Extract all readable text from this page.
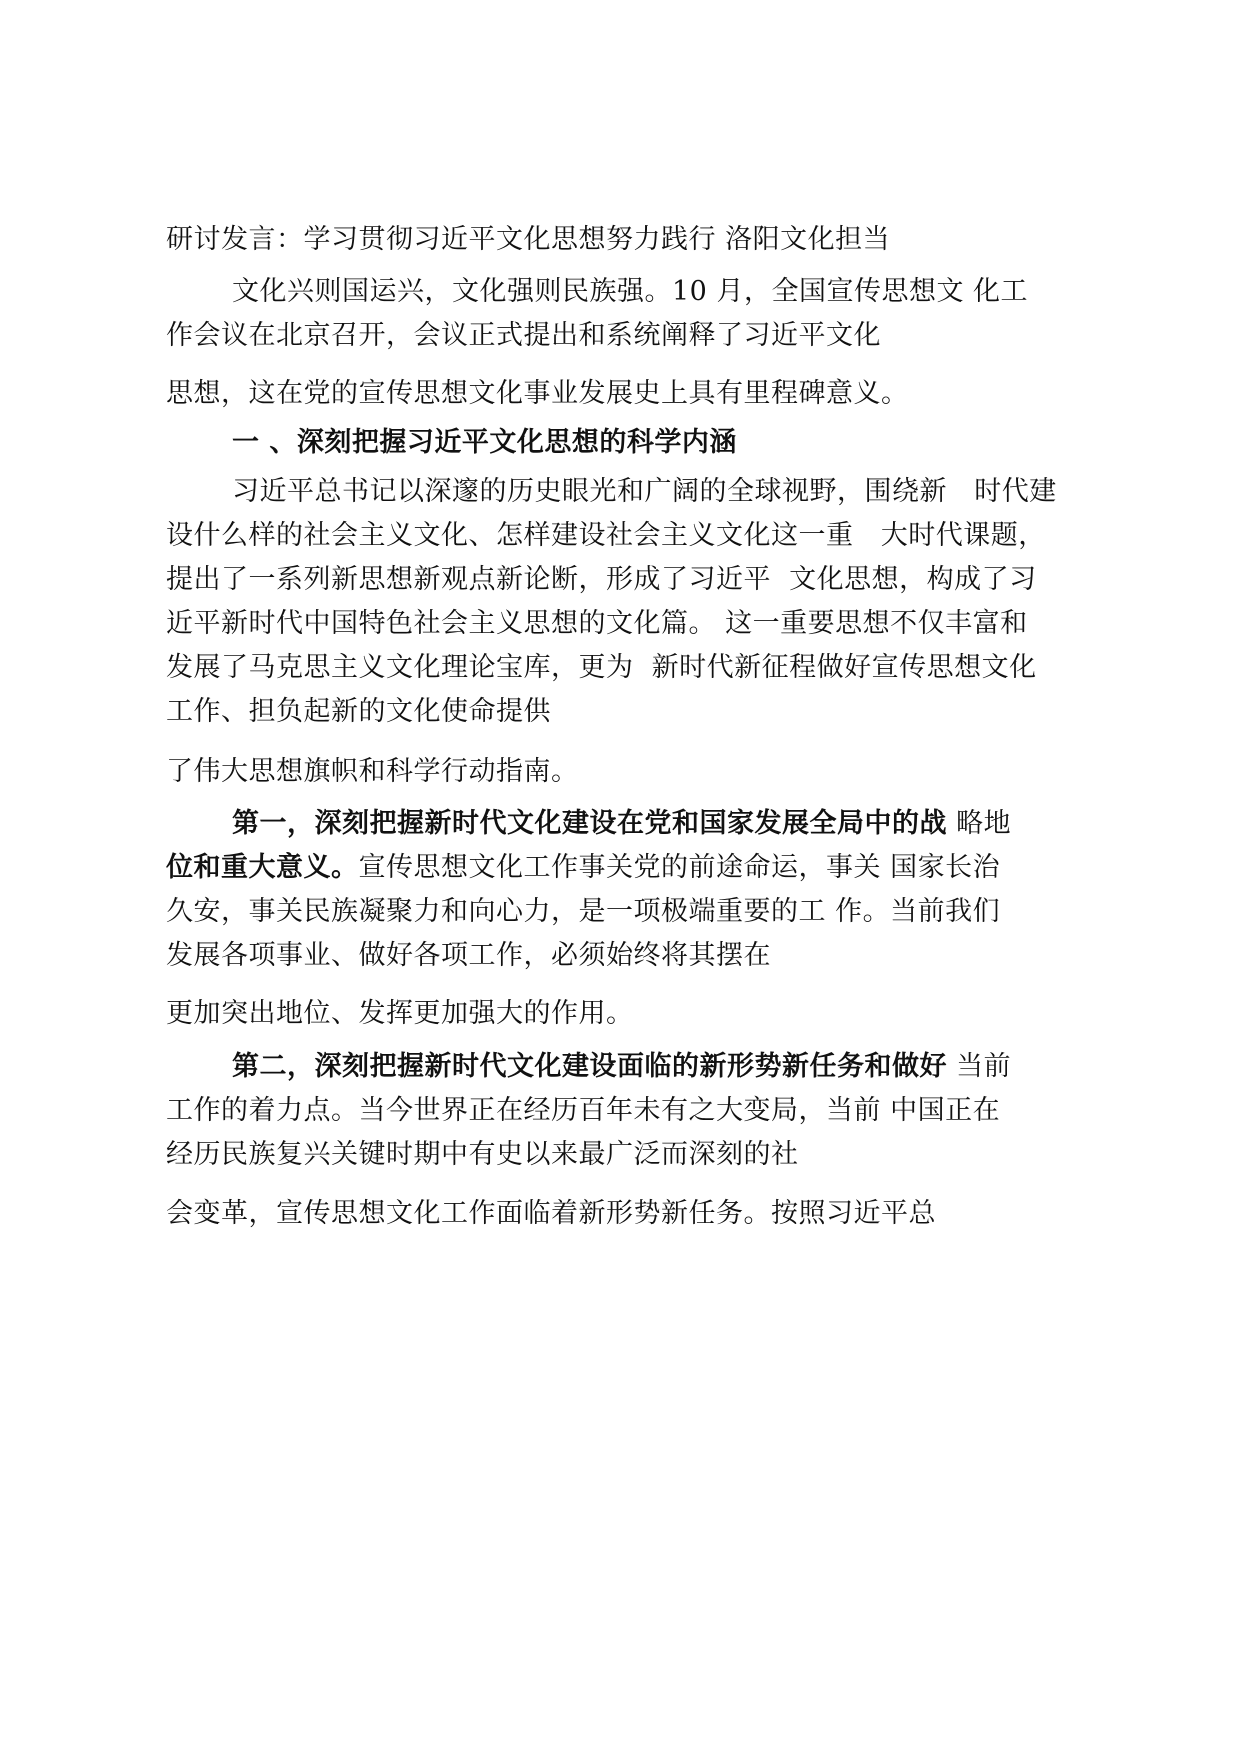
研讨发言：学习贯彻习近平文化思想努力践行 洛阳文化担当

文化兴则国运兴，文化强则民族强。10 月，全国宣传思想文 化工

作会议在北京召开，会议正式提出和系统阐释了习近平文化

思想，这在党的宣传思想文化事业发展史上具有里程碑意义。

一 、深刻把握习近平文化思想的科学内涵

习近平总书记以深邃的历史眼光和广阔的全球视野，围绕新   时代建

设什么样的社会主义文化、怎样建设社会主义文化这一重   大时代课题，

提出了一系列新思想新观点新论断，形成了习近平  文化思想，构成了习

近平新时代中国特色社会主义思想的文化篇。 这一重要思想不仅丰富和

发展了马克思主义文化理论宝库，更为  新时代新征程做好宣传思想文化

工作、担负起新的文化使命提供

了伟大思想旗帜和科学行动指南。

第一，深刻把握新时代文化建设在党和国家发展全局中的战 略地

位和重大意义。宣传思想文化工作事关党的前途命运，事关 国家长治

久安，事关民族凝聚力和向心力，是一项极端重要的工 作。当前我们

发展各项事业、做好各项工作，必须始终将其摆在

更加突出地位、发挥更加强大的作用。

第二，深刻把握新时代文化建设面临的新形势新任务和做好 当前

工作的着力点。当今世界正在经历百年未有之大变局，当前 中国正在

经历民族复兴关键时期中有史以来最广泛而深刻的社

会变革，宣传思想文化工作面临着新形势新任务。按照习近平总
